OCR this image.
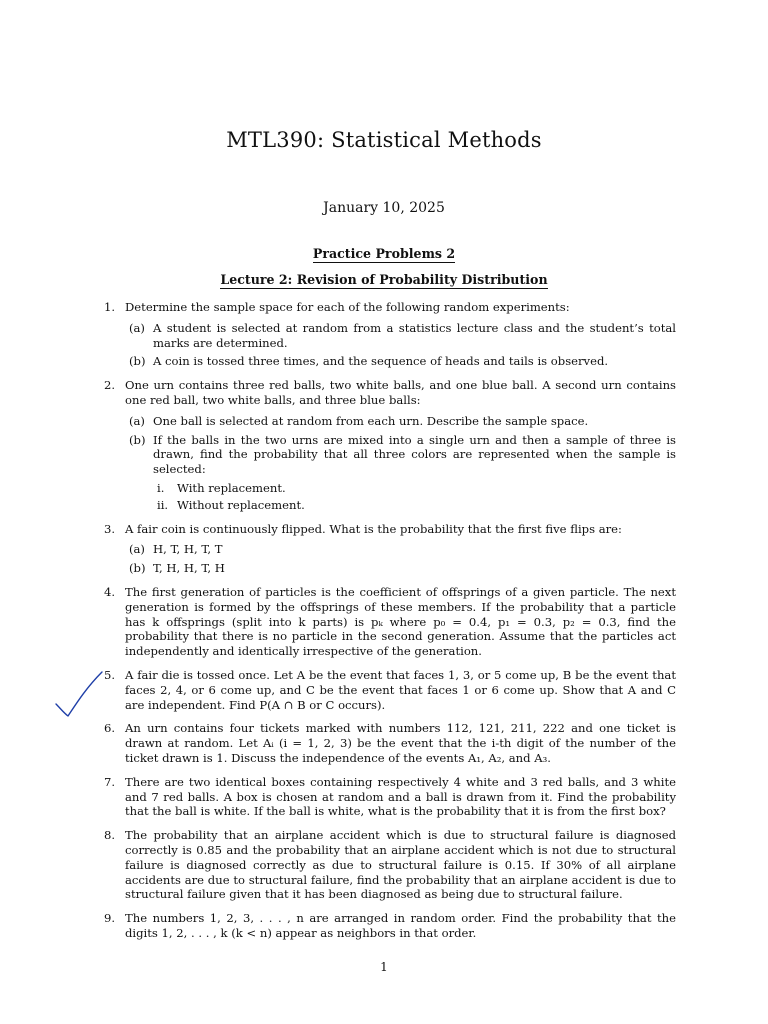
MTL390: Statistical Methods
January 10, 2025
Practice Problems 2
Lecture 2: Revision of Probability Distribution
1. Determine the sample space for each of the following random experiments:
(a) A student is selected at random from a statistics lecture class and the student’s total marks are determined.
(b) A coin is tossed three times, and the sequence of heads and tails is observed.
2. One urn contains three red balls, two white balls, and one blue ball. A second urn contains one red ball, two white balls, and three blue balls:
(a) One ball is selected at random from each urn. Describe the sample space.
(b) If the balls in the two urns are mixed into a single urn and then a sample of three is drawn, find the probability that all three colors are represented when the sample is selected:
i.	With replacement.
ii. Without replacement.
3. A fair coin is continuously flipped. What is the probability that the first five flips are:
(a) H, T, H, T, T
(b) T, H, H, T, H
4. The first generation of particles is the coefficient of offsprings of a given particle. The next generation is formed by the offsprings of these members. If the probability that a particle has k offsprings (split into k parts) is pₖ where p₀ = 0.4, p₁ = 0.3, p₂ = 0.3, find the probability that there is no particle in the second generation. Assume that the particles act independently and identically irrespective of the generation.
5. A fair die is tossed once. Let A be the event that faces 1, 3, or 5 come up, B be the event that faces 2, 4, or 6 come up, and C be the event that faces 1 or 6 come up. Show that A and C are independent. Find P(A ∩ B or C occurs).
6. An urn contains four tickets marked with numbers 112, 121, 211, 222 and one ticket is drawn at random. Let Aᵢ (i = 1, 2, 3) be the event that the i-th digit of the number of the ticket drawn is 1. Discuss the independence of the events A₁, A₂, and A₃.
7. There are two identical boxes containing respectively 4 white and 3 red balls, and 3 white and 7 red balls. A box is chosen at random and a ball is drawn from it. Find the probability that the ball is white. If the ball is white, what is the probability that it is from the first box?
8. The probability that an airplane accident which is due to structural failure is diagnosed correctly is 0.85 and the probability that an airplane accident which is not due to structural failure is diagnosed correctly as due to structural failure is 0.15. If 30% of all airplane accidents are due to structural failure, find the probability that an airplane accident is due to structural failure given that it has been diagnosed as being due to structural failure.
9. The numbers 1, 2, 3, . . . , n are arranged in random order. Find the probability that the digits 1, 2, . . . , k (k < n) appear as neighbors in that order.
1
